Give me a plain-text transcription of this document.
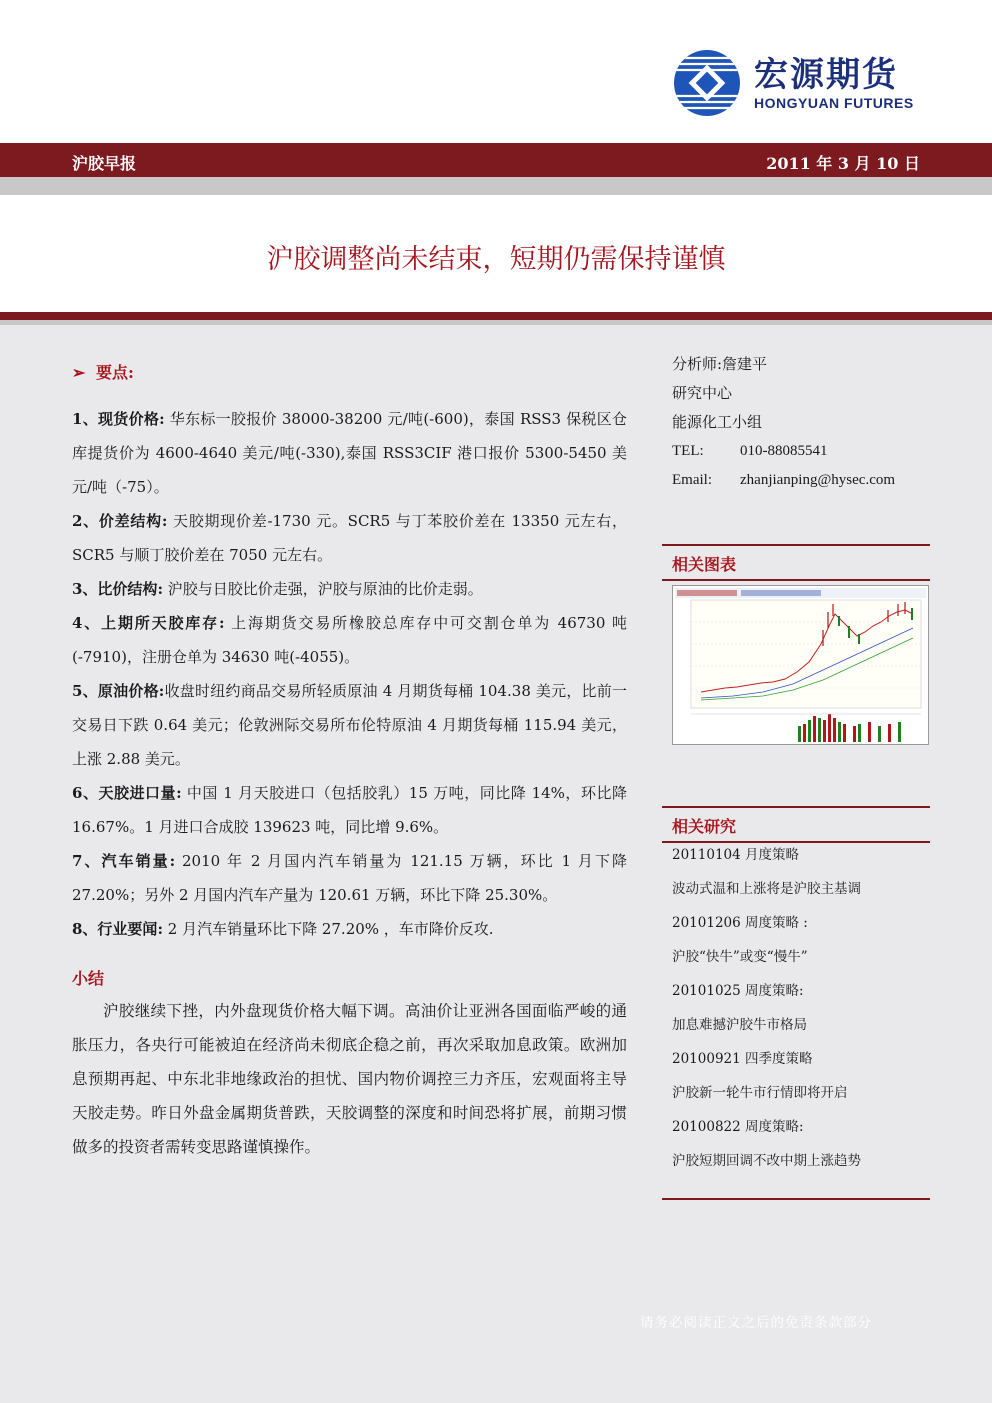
宏源期货
HONGYUAN FUTURES
沪胶早报	2011 年 3 月 10 日
沪胶调整尚未结束，短期仍需保持谨慎
➢ 要点:
1、现货价格: 华东标一胶报价 38000-38200 元/吨(-600)，泰国 RSS3 保税区仓库提货价为 4600-4640 美元/吨(-330),泰国 RSS3CIF 港口报价 5300-5450 美元/吨（-75）。
2、价差结构: 天胶期现价差-1730 元。SCR5 与丁苯胶价差在 13350 元左右，SCR5 与顺丁胶价差在 7050 元左右。
3、比价结构: 沪胶与日胶比价走强，沪胶与原油的比价走弱。
4、上期所天胶库存: 上海期货交易所橡胶总库存中可交割仓单为 46730 吨(-7910)，注册仓单为 34630 吨(-4055)。
5、原油价格:收盘时纽约商品交易所轻质原油 4 月期货每桶 104.38 美元，比前一交易日下跌 0.64 美元；伦敦洲际交易所布伦特原油 4 月期货每桶 115.94 美元，上涨 2.88 美元。
6、天胶进口量: 中国 1 月天胶进口（包括胶乳）15 万吨，同比降 14%，环比降 16.67%。1 月进口合成胶 139623 吨，同比增 9.6%。
7、汽车销量: 2010 年 2 月国内汽车销量为 121.15 万辆，环比 1 月下降 27.20%；另外 2 月国内汽车产量为 120.61 万辆，环比下降 25.30%。
8、行业要闻: 2 月汽车销量环比下降 27.20% ，车市降价反攻.
小结
沪胶继续下挫，内外盘现货价格大幅下调。高油价让亚洲各国面临严峻的通胀压力，各央行可能被迫在经济尚未彻底企稳之前，再次采取加息政策。欧洲加息预期再起、中东北非地缘政治的担忧、国内物价调控三力齐压，宏观面将主导天胶走势。昨日外盘金属期货普跌，天胶调整的深度和时间恐将扩展，前期习惯做多的投资者需转变思路谨慎操作。
分析师:詹建平
研究中心
能源化工小组
TEL:	010-88085541
Email:	zhanjianping@hysec.com
相关图表
相关研究
20110104 月度策略
波动式温和上涨将是沪胶主基调
20101206 周度策略 :
沪胶“快牛”或变“慢牛”
20101025 周度策略:
加息难撼沪胶牛市格局
20100921 四季度策略
沪胶新一轮牛市行情即将开启
20100822 周度策略:
沪胶短期回调不改中期上涨趋势
请务必阅读正文之后的免责条款部分
